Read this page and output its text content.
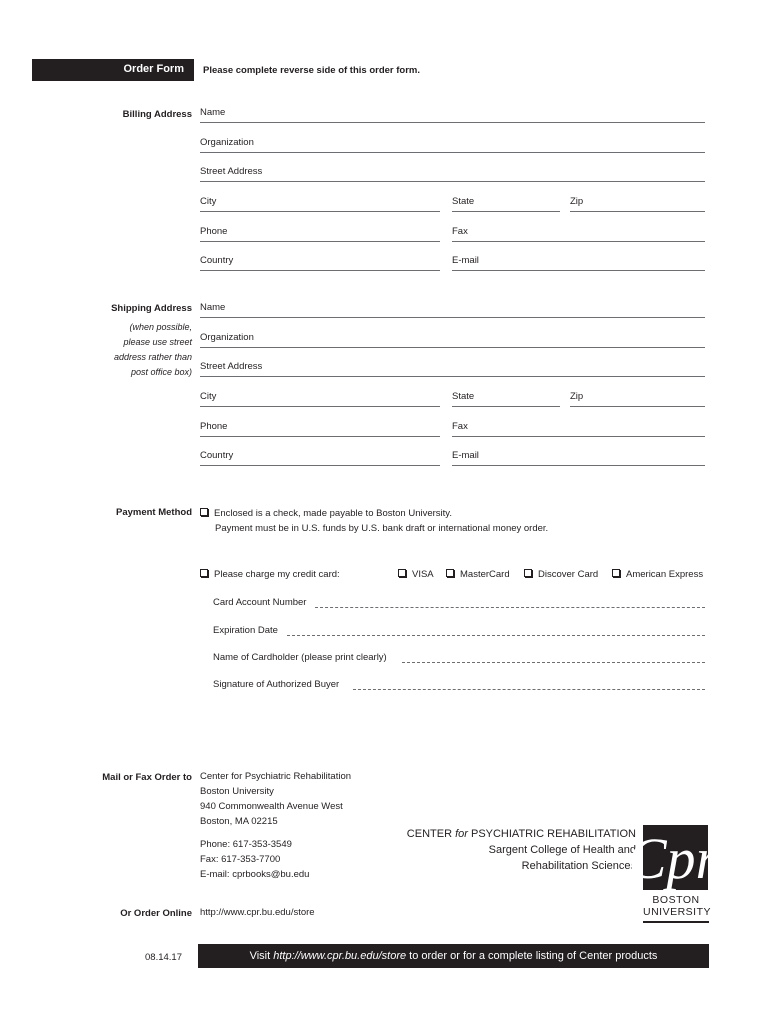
Order Form Please complete reverse side of this order form.
Billing Address Name
Organization
Street Address
City	State	Zip
Phone	Fax
Country	E-mail
Shipping Address
(when possible,
please use street
address rather than
post office box)
Name
Organization
Street Address
City	State	Zip
Phone	Fax
Country	E-mail
Payment Method	Enclosed is a check, made payable to Boston University.
Payment must be in U.S. funds by U.S. bank draft or international money order.
Please charge my credit card:	VISA	MasterCard	Discover Card	American Express
Card Account Number
Expiration Date
Name of Cardholder (please print clearly)
Signature of Authorized Buyer
Mail or Fax Order to Center for Psychiatric Rehabilitation
Boston University
940 Commonwealth Avenue West
Boston, MA 02215
Phone: 617-353-3549
Fax: 617-353-7700
E-mail: cprbooks@bu.edu
CENTER for PSYCHIATRIC REHABILITATION
Sargent College of Health and
Rehabilitation Sciences
Cpr
BOSTON
UNIVERSITY
Or Order Online http://www.cpr.bu.edu/store
08.14.17	Visit http://www.cpr.bu.edu/store to order or for a complete listing of Center products
